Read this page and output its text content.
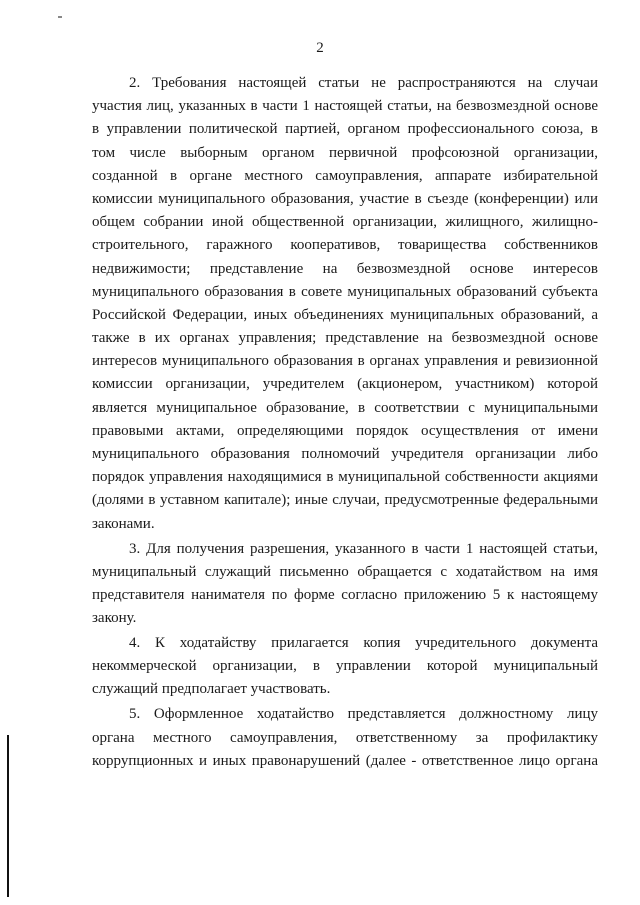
2
2. Требования настоящей статьи не распространяются на случаи
участия лиц, указанных в части 1 настоящей статьи, на безвозмездной основе
в управлении политической партией, органом профессионального союза, в
том числе выборным органом первичной профсоюзной организации,
созданной в органе местного самоуправления, аппарате избирательной
комиссии муниципального образования, участие в съезде (конференции) или
общем собрании иной общественной организации, жилищного, жилищно-
строительного, гаражного кооперативов, товарищества собственников
недвижимости; представление на безвозмездной основе интересов
муниципального образования в совете муниципальных образований субъекта
Российской Федерации, иных объединениях муниципальных образований, а
также в их органах управления; представление на безвозмездной основе
интересов муниципального образования в органах управления и ревизионной
комиссии организации, учредителем (акционером, участником) которой
является муниципальное образование, в соответствии с муниципальными
правовыми актами, определяющими порядок осуществления от имени
муниципального образования полномочий учредителя организации либо
порядок управления находящимися в муниципальной собственности акциями
(долями в уставном капитале); иные случаи, предусмотренные федеральными
законами.
3. Для получения разрешения, указанного в части 1 настоящей статьи,
муниципальный служащий письменно обращается с ходатайством на имя
представителя нанимателя по форме согласно приложению 5 к настоящему
закону.
4. К ходатайству прилагается копия учредительного документа
некоммерческой организации, в управлении которой муниципальный
служащий предполагает участвовать.
5. Оформленное ходатайство представляется должностному лицу
органа местного самоуправления, ответственному за профилактику
коррупционных и иных правонарушений (далее - ответственное лицо органа
